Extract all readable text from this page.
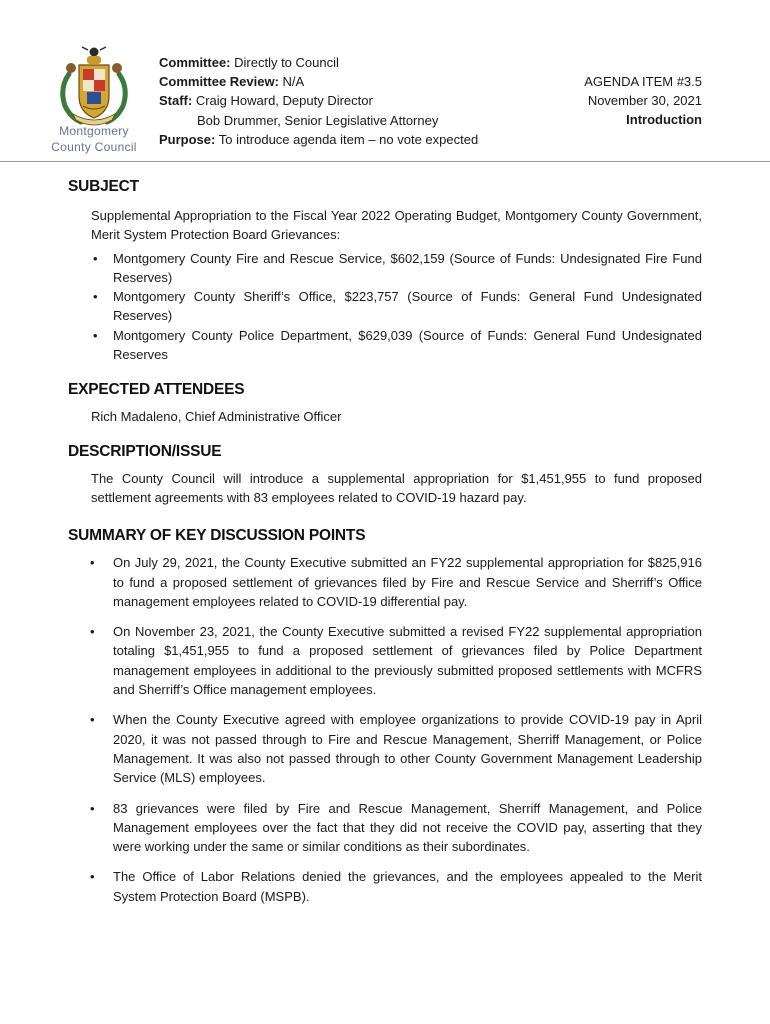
Montgomery
County Council
Committee: Directly to Council
Committee Review: N/A
Staff: Craig Howard, Deputy Director
Bob Drummer, Senior Legislative Attorney
Purpose: To introduce agenda item – no vote expected
AGENDA ITEM #3.5
November 30, 2021
Introduction
SUBJECT

Supplemental Appropriation to the Fiscal Year 2022 Operating Budget, Montgomery County Government, Merit System Protection Board Grievances:

• Montgomery County Fire and Rescue Service, $602,159 (Source of Funds: Undesignated Fire Fund Reserves)
• Montgomery County Sheriff’s Office, $223,757 (Source of Funds: General Fund Undesignated Reserves)
• Montgomery County Police Department, $629,039 (Source of Funds: General Fund Undesignated Reserves
EXPECTED ATTENDEES

Rich Madaleno, Chief Administrative Officer

DESCRIPTION/ISSUE

The County Council will introduce a supplemental appropriation for $1,451,955 to fund proposed settlement agreements with 83 employees related to COVID-19 hazard pay.

SUMMARY OF KEY DISCUSSION POINTS
• On July 29, 2021, the County Executive submitted an FY22 supplemental appropriation for $825,916 to fund a proposed settlement of grievances filed by Fire and Rescue Service and Sherriff’s Office management employees related to COVID-19 differential pay.
• On November 23, 2021, the County Executive submitted a revised FY22 supplemental appropriation totaling $1,451,955 to fund a proposed settlement of grievances filed by Police Department management employees in additional to the previously submitted proposed settlements with MCFRS and Sherriff’s Office management employees.
• When the County Executive agreed with employee organizations to provide COVID-19 pay in April 2020, it was not passed through to Fire and Rescue Management, Sherriff Management, or Police Management. It was also not passed through to other County Government Management Leadership Service (MLS) employees.
• 83 grievances were filed by Fire and Rescue Management, Sherriff Management, and Police Management employees over the fact that they did not receive the COVID pay, asserting that they were working under the same or similar conditions as their subordinates.
• The Office of Labor Relations denied the grievances, and the employees appealed to the Merit System Protection Board (MSPB).
